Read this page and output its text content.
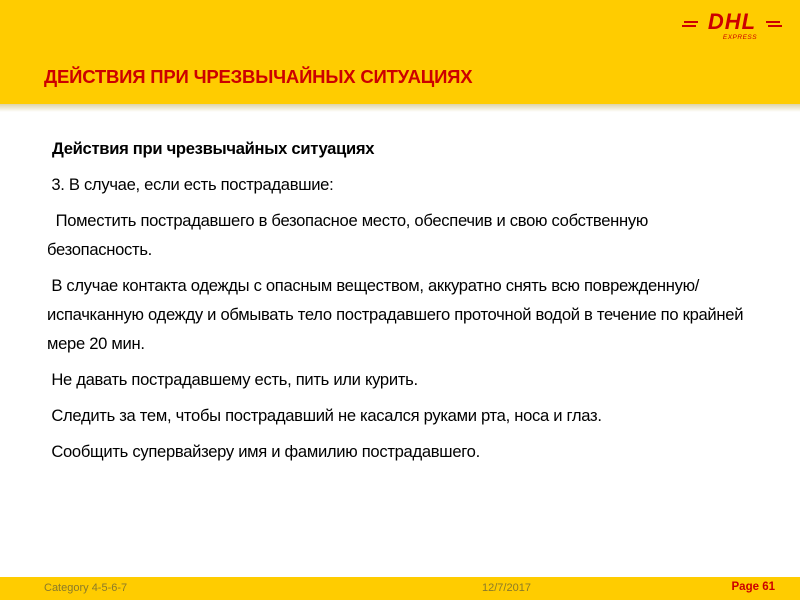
DHL
EXPRESS
ДЕЙСТВИЯ ПРИ ЧРЕЗВЫЧАЙНЫХ СИТУАЦИЯХ
Действия при чрезвычайных ситуациях
3. В случае, если есть пострадавшие:
Поместить пострадавшего в безопасное место, обеспечив и свою собственную безопасность.
В случае контакта одежды с опасным веществом, аккуратно снять всю поврежденную/испачканную одежду и обмывать тело пострадавшего проточной водой в течение по крайней мере 20 мин.
Не давать пострадавшему есть, пить или курить.
Следить за тем, чтобы пострадавший не касался руками рта, носа и глаз.
Сообщить супервайзеру имя и фамилию пострадавшего.
Category 4-5-6-7	12/7/2017	Page 61
